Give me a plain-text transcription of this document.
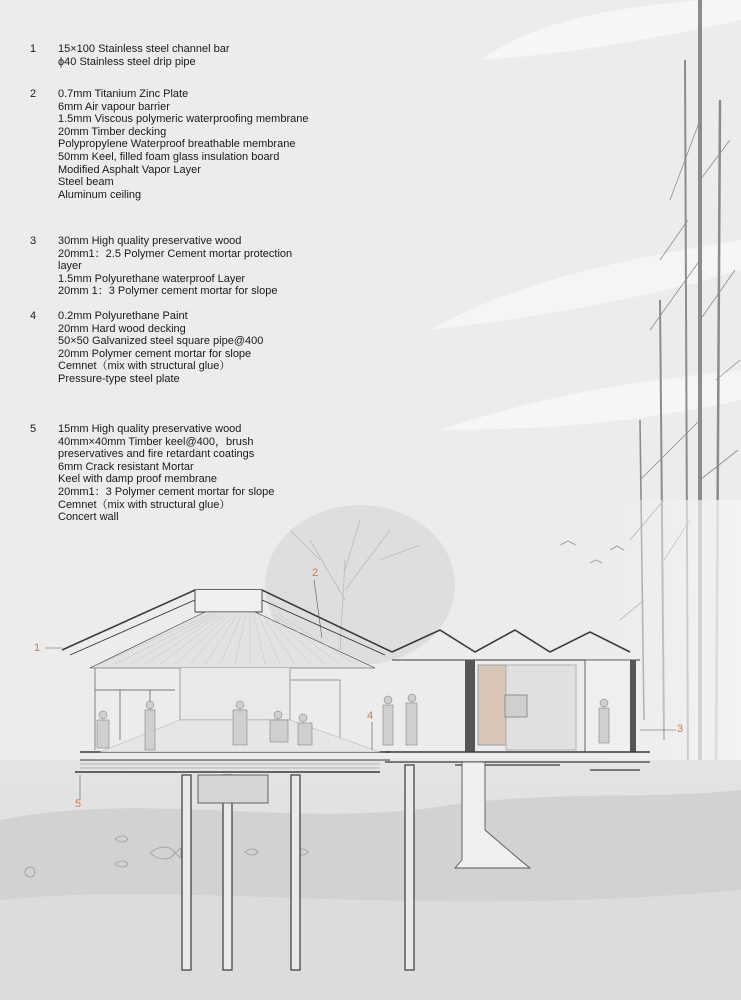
1 15×100 Stainless steel channel bar
ϕ40 Stainless steel drip pipe
2 0.7mm Titanium Zinc Plate
6mm Air vapour barrier
1.5mm Viscous polymeric waterproofing membrane
20mm Timber decking
Polypropylene Waterproof breathable membrane
50mm Keel, filled foam glass insulation board
Modified Asphalt Vapor Layer
Steel beam
Aluminum ceiling
3 30mm High quality preservative wood
20mm1：2.5 Polymer Cement mortar protection
layer
1.5mm Polyurethane waterproof Layer
20mm 1：3 Polymer cement mortar for slope
4 0.2mm Polyurethane Paint
20mm Hard wood decking
50×50 Galvanized steel square pipe@400
20mm Polymer cement mortar for slope
Cemnet（mix with structural glue）
Pressure-type steel plate
5 15mm High quality preservative wood
40mm×40mm Timber keel@400，brush
preservatives and fire retardant coatings
6mm Crack resistant Mortar
Keel with damp proof membrane
20mm1：3 Polymer cement mortar for slope
Cemnet（mix with structural glue）
Concert wall
1
2
3
4
5
